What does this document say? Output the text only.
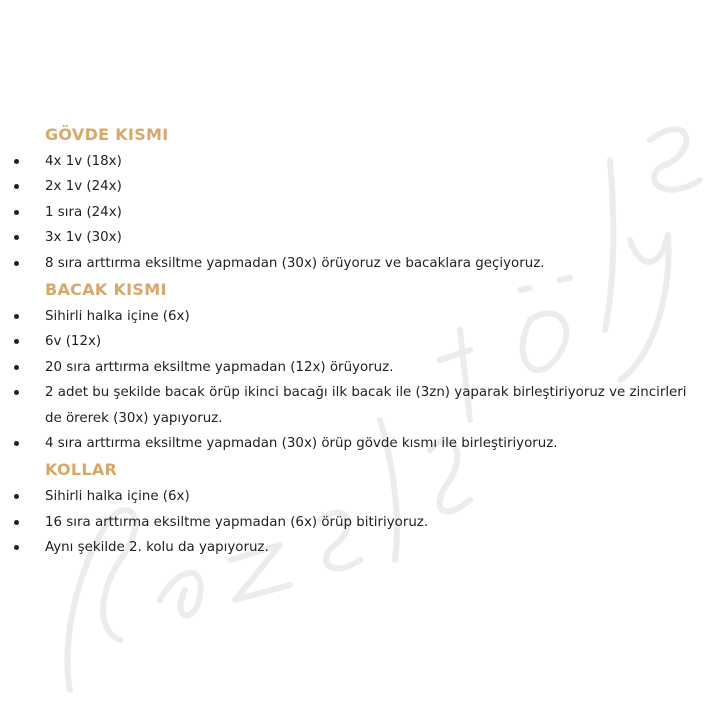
GÖVDE KISMI
4x 1v (18x)
2x 1v (24x)
1 sıra (24x)
3x 1v (30x)
8 sıra arttırma eksiltme yapmadan (30x) örüyoruz ve bacaklara geçiyoruz.
BACAK KISMI
Sihirli halka içine (6x)
6v (12x)
20 sıra arttırma eksiltme yapmadan (12x) örüyoruz.
2 adet bu şekilde bacak örüp ikinci bacağı ilk bacak ile (3zn) yaparak birleştiriyoruz ve zincirleri de örerek (30x) yapıyoruz.
4 sıra arttırma eksiltme yapmadan (30x) örüp gövde kısmı ile birleştiriyoruz.
KOLLAR
Sihirli halka içine (6x)
16 sıra arttırma eksiltme yapmadan (6x) örüp bitiriyoruz.
Aynı şekilde 2. kolu da yapıyoruz.
